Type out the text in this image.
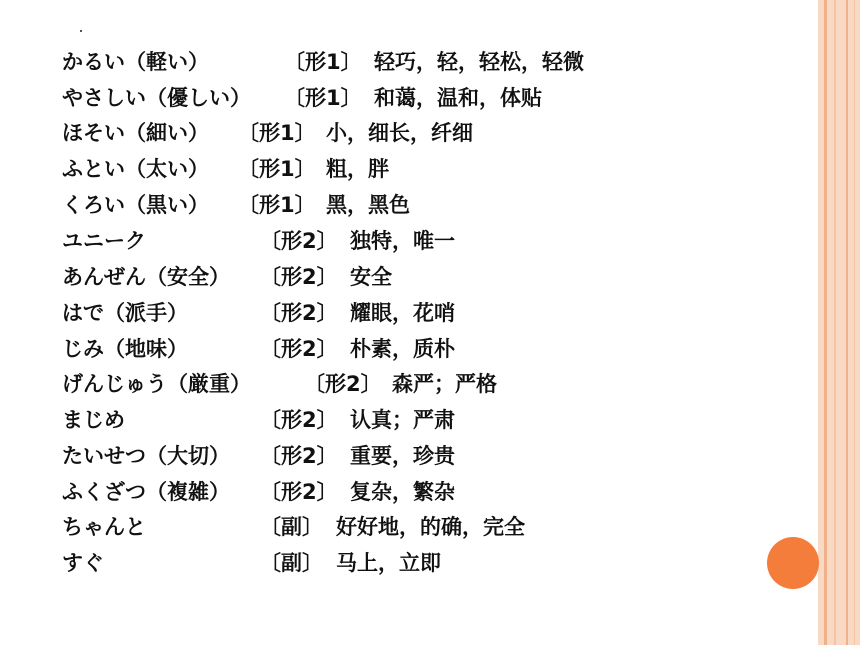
かるい（軽い）	〔形1〕 轻巧，轻，轻松，轻微
やさしい（優しい） 〔形1〕 和蔼，温和，体贴
ほそい（細い） 〔形1〕 小，细长，纤细
ふとい（太い） 〔形1〕 粗，胖
くろい（黒い） 〔形1〕 黑，黑色
ユニーク	〔形2〕 独特，唯一
あんぜん（安全） 〔形2〕 安全
はで（派手）	〔形2〕 耀眼，花哨
じみ（地味）	〔形2〕 朴素，质朴
げんじゅう（厳重）	〔形2〕 森严；严格
まじめ	〔形2〕 认真；严肃
たいせつ（大切） 〔形2〕 重要，珍贵
ふくざつ（複雑） 〔形2〕 复杂，繁杂
ちゃんと	〔副〕 好好地，的确，完全
すぐ	〔副〕 马上，立即
